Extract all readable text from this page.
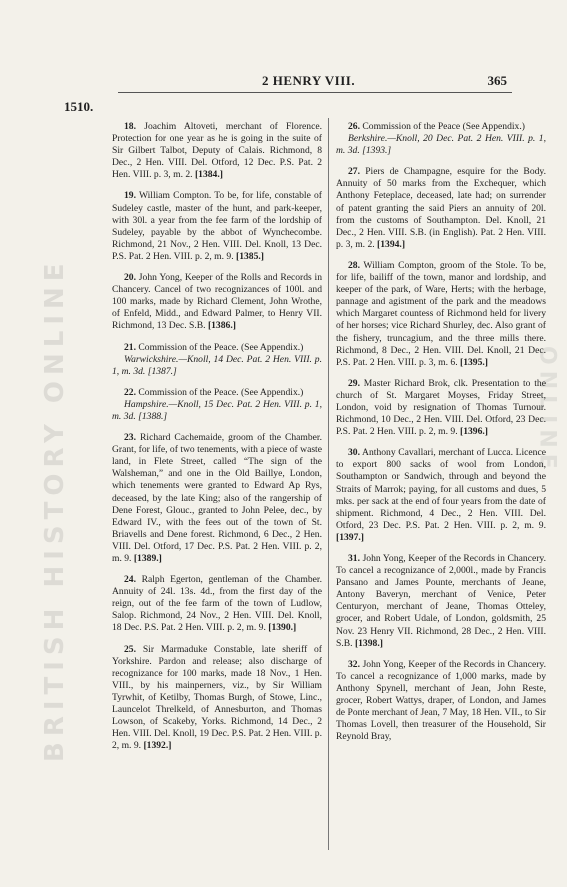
BRITISH HISTORY ONLINE	ONLINE
2 HENRY VIII.	365
1510.

18. Joachim Altoveti, merchant of Florence. Protection for one year as he is going in the suite of Sir Gilbert Talbot, Deputy of Calais. Richmond, 8 Dec., 2 Hen. VIII. Del. Otford, 12 Dec. P.S. Pat. 2 Hen. VIII. p. 3, m. 2. [1384.]

19. William Compton. To be, for life, constable of Sudeley castle, master of the hunt, and park-keeper, with 30l. a year from the fee farm of the lordship of Sudeley, payable by the abbot of Wynchecombe. Richmond, 21 Nov., 2 Hen. VIII. Del. Knoll, 13 Dec. P.S. Pat. 2 Hen. VIII. p. 2, m. 9. [1385.]

20. John Yong, Keeper of the Rolls and Records in Chancery. Cancel of two recognizances of 100l. and 100 marks, made by Richard Clement, John Wrothe, of Enfeld, Midd., and Edward Palmer, to Henry VII. Richmond, 13 Dec. S.B. [1386.]

21. Commission of the Peace. (See Appendix.)

Warwickshire.—Knoll, 14 Dec. Pat. 2 Hen. VIII. p. 1, m. 3d. [1387.]

22. Commission of the Peace. (See Appendix.)

Hampshire.—Knoll, 15 Dec. Pat. 2 Hen. VIII. p. 1, m. 3d. [1388.]

23. Richard Cachemaide, groom of the Chamber. Grant, for life, of two tenements, with a piece of waste land, in Flete Street, called “The sign of the Walsheman,” and one in the Old Baillye, London, which tenements were granted to Edward Ap Rys, deceased, by the late King; also of the rangership of Dene Forest, Glouc., granted to John Pelee, dec., by Edward IV., with the fees out of the town of St. Briavells and Dene forest. Richmond, 6 Dec., 2 Hen. VIII. Del. Otford, 17 Dec. P.S. Pat. 2 Hen. VIII. p. 2, m. 9. [1389.]

24. Ralph Egerton, gentleman of the Chamber. Annuity of 24l. 13s. 4d., from the first day of the reign, out of the fee farm of the town of Ludlow, Salop. Richmond, 24 Nov., 2 Hen. VIII. Del. Knoll, 18 Dec. P.S. Pat. 2 Hen. VIII. p. 2, m. 9. [1390.]

25. Sir Marmaduke Constable, late sheriff of Yorkshire. Pardon and release; also discharge of recognizance for 100 marks, made 18 Nov., 1 Hen. VIII., by his mainperners, viz., by Sir William Tyrwhit, of Ketilby, Thomas Burgh, of Stowe, Linc., Launcelot Threlkeld, of Annesburton, and Thomas Lowson, of Scakeby, Yorks. Richmond, 14 Dec., 2 Hen. VIII. Del. Knoll, 19 Dec. P.S. Pat. 2 Hen. VIII. p. 2, m. 9. [1392.]

26. Commission of the Peace (See Appendix.)

Berkshire.—Knoll, 20 Dec. Pat. 2 Hen. VIII. p. 1, m. 3d. [1393.]

27. Piers de Champagne, esquire for the Body. Annuity of 50 marks from the Exchequer, which Anthony Feteplace, deceased, late had; on surrender of patent granting the said Piers an annuity of 20l. from the customs of Southampton. Del. Knoll, 21 Dec., 2 Hen. VIII. S.B. (in English). Pat. 2 Hen. VIII. p. 3, m. 2. [1394.]

28. William Compton, groom of the Stole. To be, for life, bailiff of the town, manor and lordship, and keeper of the park, of Ware, Herts; with the herbage, pannage and agistment of the park and the meadows which Margaret countess of Richmond held for livery of her horses; vice Richard Shurley, dec. Also grant of the fishery, truncagium, and the three mills there. Richmond, 8 Dec., 2 Hen. VIII. Del. Knoll, 21 Dec. P.S. Pat. 2 Hen. VIII. p. 3, m. 6. [1395.]

29. Master Richard Brok, clk. Presentation to the church of St. Margaret Moyses, Friday Street, London, void by resignation of Thomas Turnour. Richmond, 10 Dec., 2 Hen. VIII. Del. Otford, 23 Dec. P.S. Pat. 2 Hen. VIII. p. 2, m. 9. [1396.]

30. Anthony Cavallari, merchant of Lucca. Licence to export 800 sacks of wool from London, Southampton or Sandwich, through and beyond the Straits of Marrok; paying, for all customs and dues, 5 mks. per sack at the end of four years from the date of shipment. Richmond, 4 Dec., 2 Hen. VIII. Del. Otford, 23 Dec. P.S. Pat. 2 Hen. VIII. p. 2, m. 9. [1397.]

31. John Yong, Keeper of the Records in Chancery. To cancel a recognizance of 2,000l., made by Francis Pansano and James Pounte, merchants of Jeane, Antony Baveryn, merchant of Venice, Peter Centuryon, merchant of Jeane, Thomas Otteley, grocer, and Robert Udale, of London, goldsmith, 25 Nov. 23 Henry VII. Richmond, 28 Dec., 2 Hen. VIII. S.B. [1398.]

32. John Yong, Keeper of the Records in Chancery. To cancel a recognizance of 1,000 marks, made by Anthony Spynell, merchant of Jean, John Reste, grocer, Robert Wattys, draper, of London, and James de Ponte merchant of Jean, 7 May, 18 Hen. VII., to Sir Thomas Lovell, then treasurer of the Household, Sir Reynold Bray,
